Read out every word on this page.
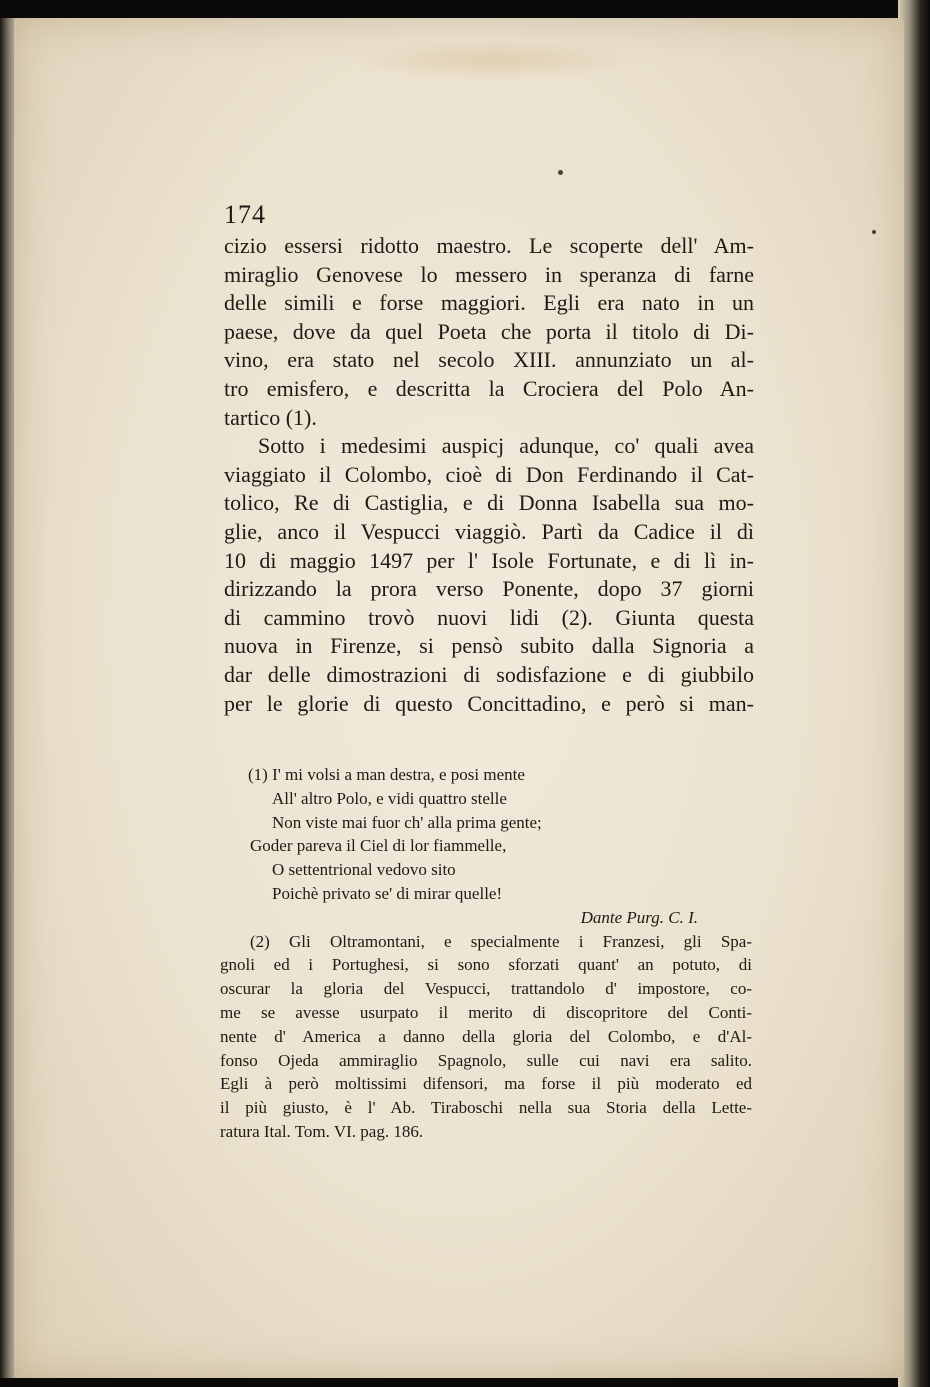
174
cizio essersi ridotto maestro. Le scoperte dell' Am-
miraglio Genovese lo messero in speranza di farne
delle simili e forse maggiori. Egli era nato in un
paese, dove da quel Poeta che porta il titolo di Di-
vino, era stato nel secolo XIII. annunziato un al-
tro emisfero, e descritta la Crociera del Polo An-
tartico (1).
Sotto i medesimi auspicj adunque, co' quali avea
viaggiato il Colombo, cioè di Don Ferdinando il Cat-
tolico, Re di Castiglia, e di Donna Isabella sua mo-
glie, anco il Vespucci viaggiò. Partì da Cadice il dì
10 di maggio 1497 per l' Isole Fortunate, e di lì in-
dirizzando la prora verso Ponente, dopo 37 giorni
di cammino trovò nuovi lidi (2). Giunta questa
nuova in Firenze, si pensò subito dalla Signoria a
dar delle dimostrazioni di sodisfazione e di giubbilo
per le glorie di questo Concittadino, e però si man-
(1) I' mi volsi a man destra, e posi mente
All' altro Polo, e vidi quattro stelle
Non viste mai fuor ch' alla prima gente;
Goder pareva il Ciel di lor fiammelle,
O settentrional vedovo sito
Poichè privato se' di mirar quelle!
Dante Purg. C. I.
(2) Gli Oltramontani, e specialmente i Franzesi, gli Spa-
gnoli ed i Portughesi, si sono sforzati quant' an potuto, di
oscurar la gloria del Vespucci, trattandolo d' impostore, co-
me se avesse usurpato il merito di discopritore del Conti-
nente d' America a danno della gloria del Colombo, e d'Al-
fonso Ojeda ammiraglio Spagnolo, sulle cui navi era salito.
Egli à però moltissimi difensori, ma forse il più moderato ed
il più giusto, è l' Ab. Tiraboschi nella sua Storia della Lette-
ratura Ital. Tom. VI. pag. 186.
